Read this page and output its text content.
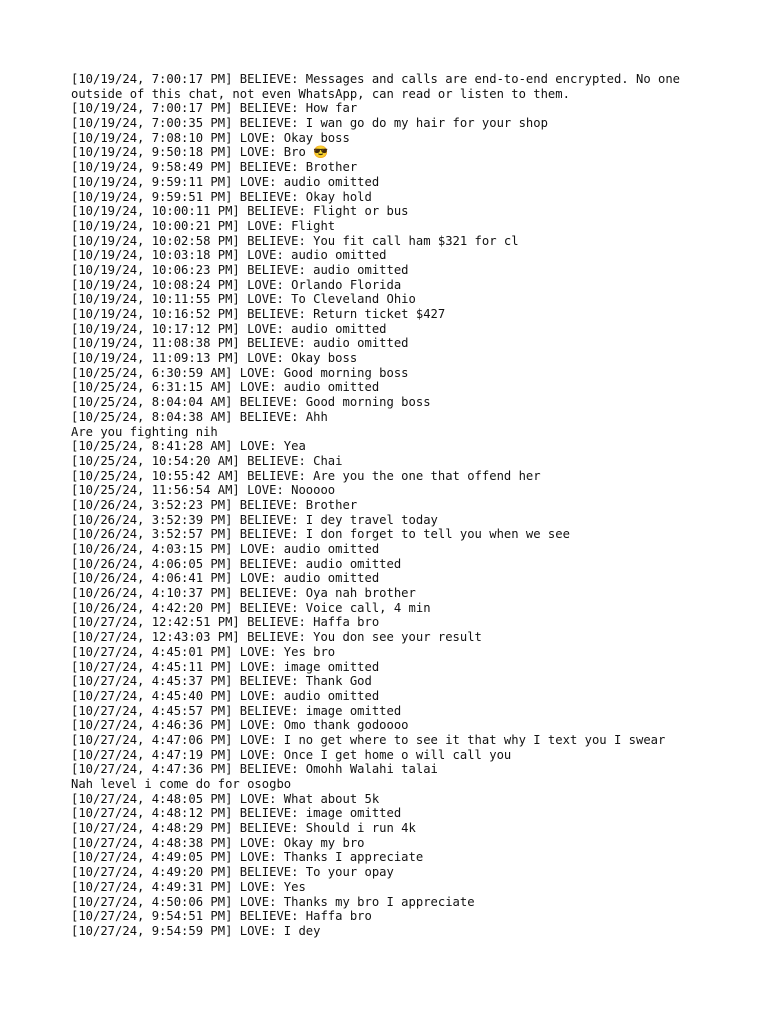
[10/19/24, 7:00:17 PM] BELIEVE: Messages and calls are end-to-end encrypted. No one
outside of this chat, not even WhatsApp, can read or listen to them.
[10/19/24, 7:00:17 PM] BELIEVE: How far
[10/19/24, 7:00:35 PM] BELIEVE: I wan go do my hair for your shop
[10/19/24, 7:08:10 PM] LOVE: Okay boss
[10/19/24, 9:50:18 PM] LOVE: Bro 😎
[10/19/24, 9:58:49 PM] BELIEVE: Brother
[10/19/24, 9:59:11 PM] LOVE: audio omitted
[10/19/24, 9:59:51 PM] BELIEVE: Okay hold
[10/19/24, 10:00:11 PM] BELIEVE: Flight or bus
[10/19/24, 10:00:21 PM] LOVE: Flight
[10/19/24, 10:02:58 PM] BELIEVE: You fit call ham $321 for cl
[10/19/24, 10:03:18 PM] LOVE: audio omitted
[10/19/24, 10:06:23 PM] BELIEVE: audio omitted
[10/19/24, 10:08:24 PM] LOVE: Orlando Florida
[10/19/24, 10:11:55 PM] LOVE: To Cleveland Ohio
[10/19/24, 10:16:52 PM] BELIEVE: Return ticket $427
[10/19/24, 10:17:12 PM] LOVE: audio omitted
[10/19/24, 11:08:38 PM] BELIEVE: audio omitted
[10/19/24, 11:09:13 PM] LOVE: Okay boss
[10/25/24, 6:30:59 AM] LOVE: Good morning boss
[10/25/24, 6:31:15 AM] LOVE: audio omitted
[10/25/24, 8:04:04 AM] BELIEVE: Good morning boss
[10/25/24, 8:04:38 AM] BELIEVE: Ahh
Are you fighting nih
[10/25/24, 8:41:28 AM] LOVE: Yea
[10/25/24, 10:54:20 AM] BELIEVE: Chai
[10/25/24, 10:55:42 AM] BELIEVE: Are you the one that offend her
[10/25/24, 11:56:54 AM] LOVE: Nooooo
[10/26/24, 3:52:23 PM] BELIEVE: Brother
[10/26/24, 3:52:39 PM] BELIEVE: I dey travel today
[10/26/24, 3:52:57 PM] BELIEVE: I don forget to tell you when we see
[10/26/24, 4:03:15 PM] LOVE: audio omitted
[10/26/24, 4:06:05 PM] BELIEVE: audio omitted
[10/26/24, 4:06:41 PM] LOVE: audio omitted
[10/26/24, 4:10:37 PM] BELIEVE: Oya nah brother
[10/26/24, 4:42:20 PM] BELIEVE: Voice call, 4 min
[10/27/24, 12:42:51 PM] BELIEVE: Haffa bro
[10/27/24, 12:43:03 PM] BELIEVE: You don see your result
[10/27/24, 4:45:01 PM] LOVE: Yes bro
[10/27/24, 4:45:11 PM] LOVE: image omitted
[10/27/24, 4:45:37 PM] BELIEVE: Thank God
[10/27/24, 4:45:40 PM] LOVE: audio omitted
[10/27/24, 4:45:57 PM] BELIEVE: image omitted
[10/27/24, 4:46:36 PM] LOVE: Omo thank godoooo
[10/27/24, 4:47:06 PM] LOVE: I no get where to see it that why I text you I swear
[10/27/24, 4:47:19 PM] LOVE: Once I get home o will call you
[10/27/24, 4:47:36 PM] BELIEVE: Omohh Walahi talai
Nah level i come do for osogbo
[10/27/24, 4:48:05 PM] LOVE: What about 5k
[10/27/24, 4:48:12 PM] BELIEVE: image omitted
[10/27/24, 4:48:29 PM] BELIEVE: Should i run 4k
[10/27/24, 4:48:38 PM] LOVE: Okay my bro
[10/27/24, 4:49:05 PM] LOVE: Thanks I appreciate
[10/27/24, 4:49:20 PM] BELIEVE: To your opay
[10/27/24, 4:49:31 PM] LOVE: Yes
[10/27/24, 4:50:06 PM] LOVE: Thanks my bro I appreciate
[10/27/24, 9:54:51 PM] BELIEVE: Haffa bro
[10/27/24, 9:54:59 PM] LOVE: I dey
